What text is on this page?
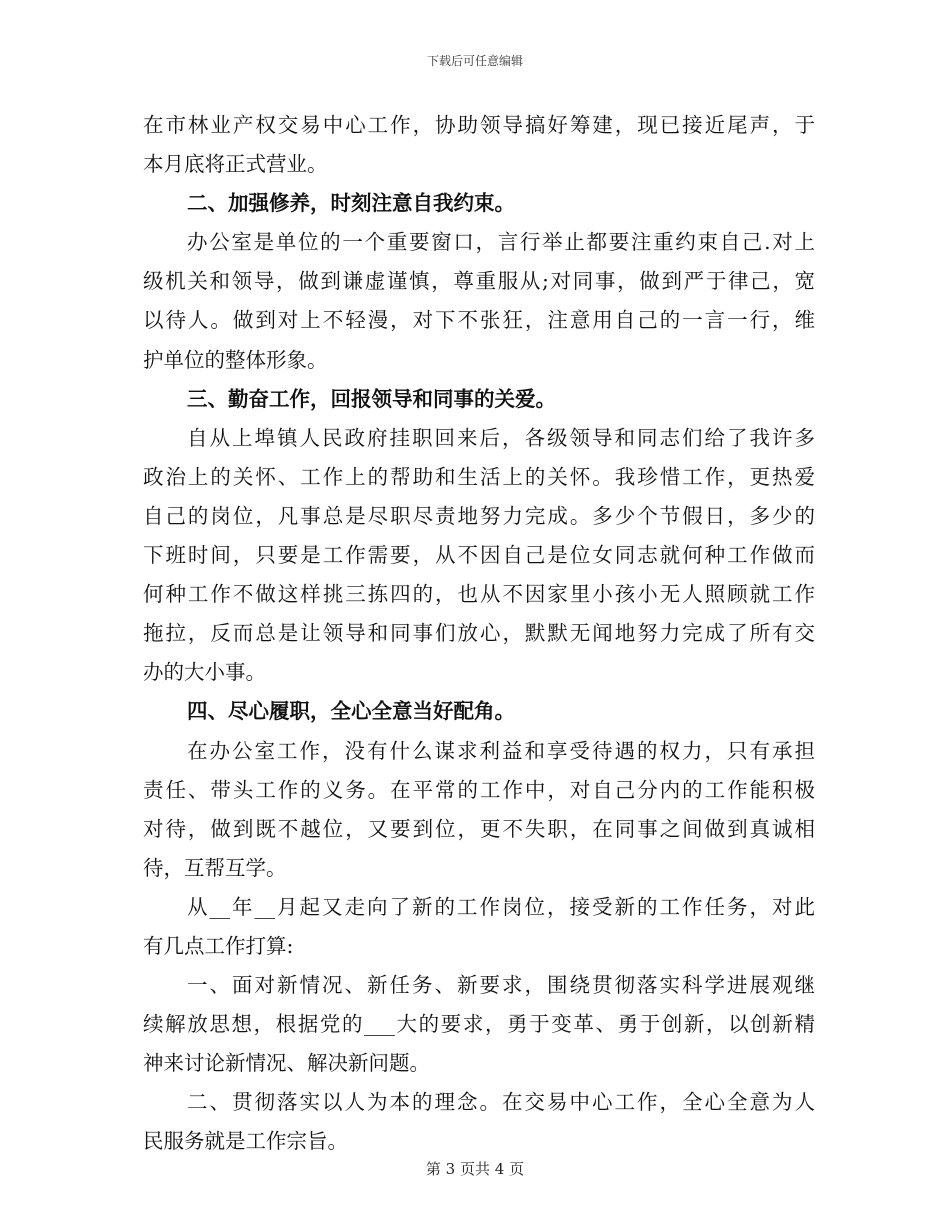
下载后可任意编辑
在市林业产权交易中心工作，协助领导搞好筹建，现已接近尾声，于
本月底将正式营业。
二、加强修养，时刻注意自我约束。
办公室是单位的一个重要窗口，言行举止都要注重约束自己.对上
级机关和领导，做到谦虚谨慎，尊重服从;对同事，做到严于律己，宽
以待人。做到对上不轻漫，对下不张狂，注意用自己的一言一行，维
护单位的整体形象。
三、勤奋工作，回报领导和同事的关爱。
自从上埠镇人民政府挂职回来后，各级领导和同志们给了我许多
政治上的关怀、工作上的帮助和生活上的关怀。我珍惜工作，更热爱
自己的岗位，凡事总是尽职尽责地努力完成。多少个节假日，多少的
下班时间，只要是工作需要，从不因自己是位女同志就何种工作做而
何种工作不做这样挑三拣四的，也从不因家里小孩小无人照顾就工作
拖拉，反而总是让领导和同事们放心，默默无闻地努力完成了所有交
办的大小事。
四、尽心履职，全心全意当好配角。
在办公室工作，没有什么谋求利益和享受待遇的权力，只有承担
责任、带头工作的义务。在平常的工作中，对自己分内的工作能积极
对待，做到既不越位，又要到位，更不失职，在同事之间做到真诚相
待，互帮互学。
从__年__月起又走向了新的工作岗位，接受新的工作任务，对此
有几点工作打算:
一、面对新情况、新任务、新要求，围绕贯彻落实科学进展观继
续解放思想，根据党的___大的要求，勇于变革、勇于创新，以创新精
神来讨论新情况、解决新问题。
二、贯彻落实以人为本的理念。在交易中心工作，全心全意为人
民服务就是工作宗旨。
第 3 页共 4 页
